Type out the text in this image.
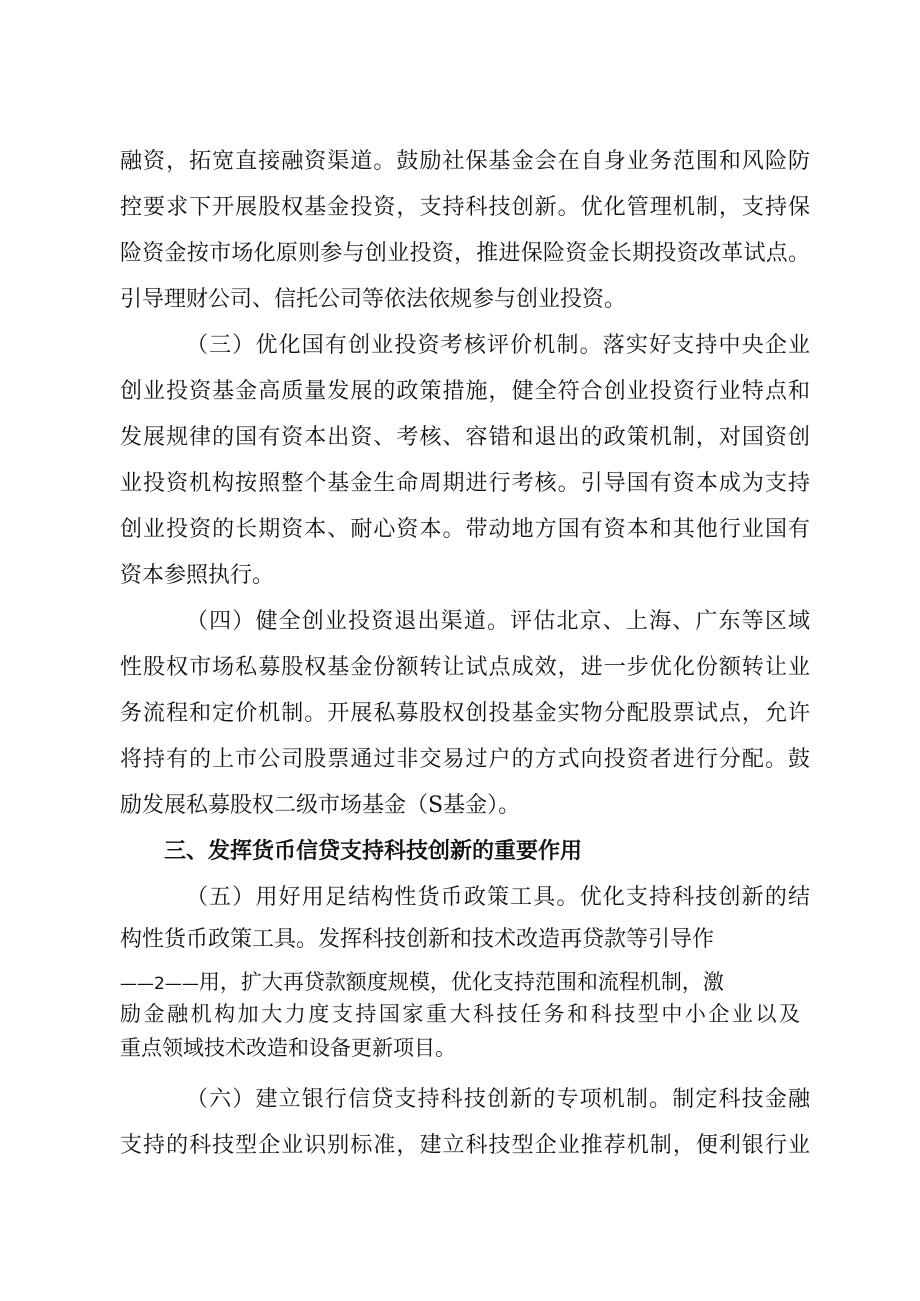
融资，拓宽直接融资渠道。鼓励社保基金会在自身业务范围和风险防
控要求下开展股权基金投资，支持科技创新。优化管理机制，支持保
险资金按市场化原则参与创业投资，推进保险资金长期投资改革试点。
引导理财公司、信托公司等依法依规参与创业投资。
（三）优化国有创业投资考核评价机制。落实好支持中央企业
创业投资基金高质量发展的政策措施，健全符合创业投资行业特点和
发展规律的国有资本出资、考核、容错和退出的政策机制，对国资创
业投资机构按照整个基金生命周期进行考核。引导国有资本成为支持
创业投资的长期资本、耐心资本。带动地方国有资本和其他行业国有
资本参照执行。
（四）健全创业投资退出渠道。评估北京、上海、广东等区域
性股权市场私募股权基金份额转让试点成效，进一步优化份额转让业
务流程和定价机制。开展私募股权创投基金实物分配股票试点，允许
将持有的上市公司股票通过非交易过户的方式向投资者进行分配。鼓
励发展私募股权二级市场基金（S基金）。
三、发挥货币信贷支持科技创新的重要作用
（五）用好用足结构性货币政策工具。优化支持科技创新的结
构性货币政策工具。发挥科技创新和技术改造再贷款等引导作
——2——用，扩大再贷款额度规模，优化支持范围和流程机制，激
励金融机构加大力度支持国家重大科技任务和科技型中小企业以及
重点领域技术改造和设备更新项目。
（六）建立银行信贷支持科技创新的专项机制。制定科技金融
支持的科技型企业识别标准，建立科技型企业推荐机制，便利银行业
